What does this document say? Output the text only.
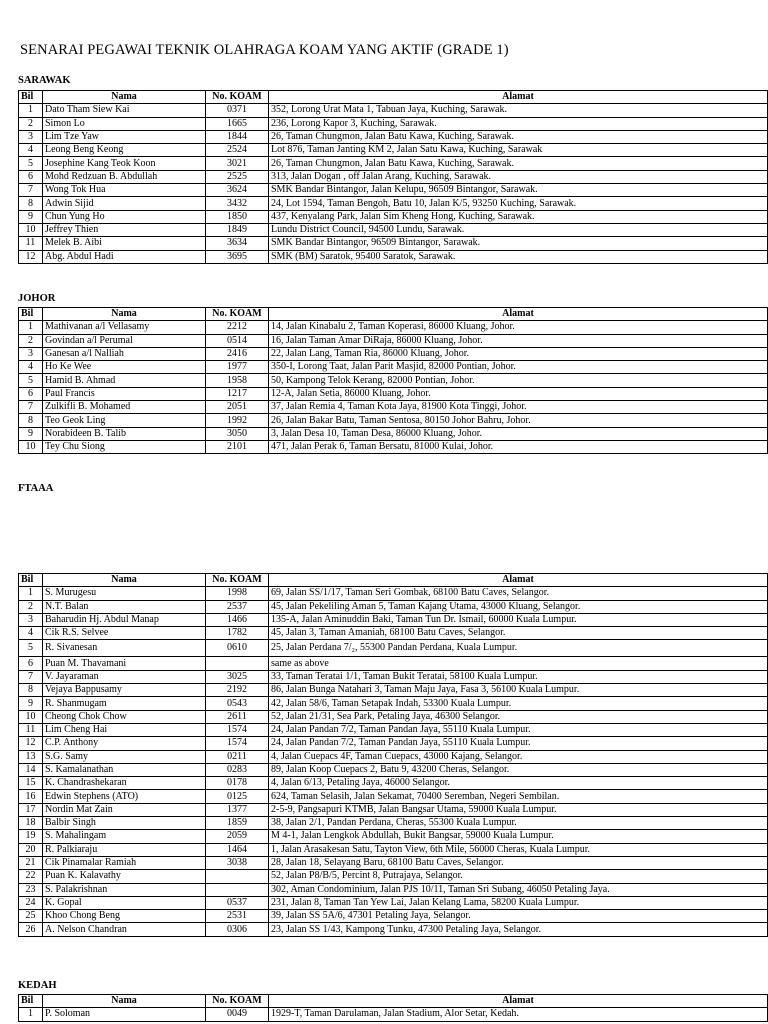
SENARAI PEGAWAI TEKNIK OLAHRAGA KOAM YANG AKTIF (GRADE 1)
SARAWAK
Bil	Nama	No. KOAM	Alamat
1	Dato Tham Siew Kai	0371	352, Lorong Urat Mata 1, Tabuan Jaya, Kuching, Sarawak.
2	Simon Lo	1665	236, Lorong Kapor 3, Kuching, Sarawak.
3	Lim Tze Yaw	1844	26, Taman Chungmon, Jalan Batu Kawa, Kuching, Sarawak.
4	Leong Beng Keong	2524	Lot 876, Taman Janting KM 2, Jalan Satu Kawa, Kuching, Sarawak
5	Josephine Kang Teok Koon	3021	26, Taman Chungmon, Jalan Batu Kawa, Kuching, Sarawak.
6	Mohd Redzuan B. Abdullah	2525	313, Jalan Dogan , off Jalan Arang, Kuching, Sarawak.
7	Wong Tok Hua	3624	SMK Bandar Bintangor, Jalan Kelupu, 96509 Bintangor, Sarawak.
8	Adwin Sijid	3432	24, Lot 1594, Taman Bengoh, Batu 10, Jalan K/5, 93250 Kuching, Sarawak.
9	Chun Yung Ho	1850	437, Kenyalang Park, Jalan Sim Kheng Hong, Kuching, Sarawak.
10	Jeffrey Thien	1849	Lundu District Council, 94500 Lundu, Sarawak.
11	Melek B. Aibi	3634	SMK Bandar Bintangor, 96509 Bintangor, Sarawak.
12	Abg. Abdul Hadi	3695	SMK (BM) Saratok, 95400 Saratok, Sarawak.
JOHOR
Bil	Nama	No. KOAM	Alamat
1	Mathivanan a/l Vellasamy	2212	14, Jalan Kinabalu 2, Taman Koperasi, 86000 Kluang, Johor.
2	Govindan a/l Perumal	0514	16, Jalan Taman Amar DiRaja, 86000 Kluang, Johor.
3	Ganesan a/l Nalliah	2416	22, Jalan Lang, Taman Ria, 86000 Kluang, Johor.
4	Ho Ke Wee	1977	350-I, Lorong Taat, Jalan Parit Masjid, 82000 Pontian, Johor.
5	Hamid B. Ahmad	1958	50, Kampong Telok Kerang, 82000 Pontian, Johor.
6	Paul Francis	1217	12-A, Jalan Setia, 86000 Kluang, Johor.
7	Zulkifli B. Mohamed	2051	37, Jalan Remia 4, Taman Kota Jaya, 81900 Kota Tinggi, Johor.
8	Teo Geok Ling	1992	26, Jalan Bakar Batu, Taman Sentosa, 80150 Johor Bahru, Johor.
9	Norabideen B. Talib	3050	3, Jalan Desa 10, Taman Desa, 86000 Kluang, Johor.
10	Tey Chu Siong	2101	471, Jalan Perak 6, Taman Bersatu, 81000 Kulai, Johor.
FTAAA
Bil	Nama	No. KOAM	Alamat
1	S. Murugesu	1998	69, Jalan SS/1/17, Taman Seri Gombak, 68100 Batu Caves, Selangor.
2	N.T. Balan	2537	45, Jalan Pekeliling Aman 5, Taman Kajang Utama, 43000 Kluang, Selangor.
3	Baharudin Hj. Abdul Manap	1466	135-A, Jalan Aminuddin Baki, Taman Tun Dr. Ismail, 60000 Kuala Lumpur.
4	Cik R.S. Selvee	1782	45, Jalan 3, Taman Amaniah, 68100 Batu Caves, Selangor.
5	R. Sivanesan	0610	25, Jalan Perdana 7/₂, 55300 Pandan Perdana, Kuala Lumpur.
6	Puan M. Thavamani		same as above
7	V. Jayaraman	3025	33, Taman Teratai 1/1, Taman Bukit Teratai, 58100 Kuala Lumpur.
8	Vejaya Bappusamy	2192	86, Jalan Bunga Natahari 3, Taman Maju Jaya, Fasa 3, 56100 Kuala Lumpur.
9	R. Shanmugam	0543	42, Jalan 58/6, Taman Setapak Indah, 53300 Kuala Lumpur.
10	Cheong Chok Chow	2611	52, Jalan 21/31, Sea Park, Petaling Jaya, 46300 Selangor.
11	Lim Cheng Hai	1574	24, Jalan Pandan 7/2, Taman Pandan Jaya, 55110 Kuala Lumpur.
12	C.P. Anthony	1574	24, Jalan Pandan 7/2, Taman Pandan Jaya, 55110 Kuala Lumpur.
13	S.G. Samy	0211	4, Jalan Cuepacs 4F, Taman Cuepacs, 43000 Kajang, Selangor.
14	S. Kamalanathan	0283	89, Jalan Koop Cuepacs 2, Batu 9, 43200 Cheras, Selangor.
15	K. Chandrashekaran	0178	4, Jalan 6/13, Petaling Jaya, 46000 Selangor.
16	Edwin Stephens (ATO)	0125	624, Taman Selasih, Jalan Sekamat, 70400 Seremban, Negeri Sembilan.
17	Nordin Mat Zain	1377	2-5-9, Pangsapuri KTMB, Jalan Bangsar Utama, 59000 Kuala Lumpur.
18	Balbir Singh	1859	38, Jalan 2/1, Pandan Perdana, Cheras, 55300 Kuala Lumpur.
19	S. Mahalingam	2059	M 4-1, Jalan Lengkok Abdullah, Bukit Bangsar, 59000 Kuala Lumpur.
20	R. Palkiaraju	1464	1, Jalan Arasakesan Satu, Tayton View, 6th Mile, 56000 Cheras, Kuala Lumpur.
21	Cik Pinamalar Ramiah	3038	28, Jalan 18, Selayang Baru, 68100 Batu Caves, Selangor.
22	Puan K. Kalavathy		52, Jalan P8/B/5, Percint 8, Putrajaya, Selangor.
23	S. Palakrishnan		302, Aman Condominium, Jalan PJS 10/11, Taman Sri Subang, 46050 Petaling Jaya.
24	K. Gopal	0537	231, Jalan 8, Taman Tan Yew Lai, Jalan Kelang Lama, 58200 Kuala Lumpur.
25	Khoo Chong Beng	2531	39, Jalan SS 5A/6, 47301 Petaling Jaya, Selangor.
26	A. Nelson Chandran	0306	23, Jalan SS 1/43, Kampong Tunku, 47300 Petaling Jaya, Selangor.
KEDAH
Bil	Nama	No. KOAM	Alamat
1	P. Soloman	0049	1929-T, Taman Darulaman, Jalan Stadium, Alor Setar, Kedah.
